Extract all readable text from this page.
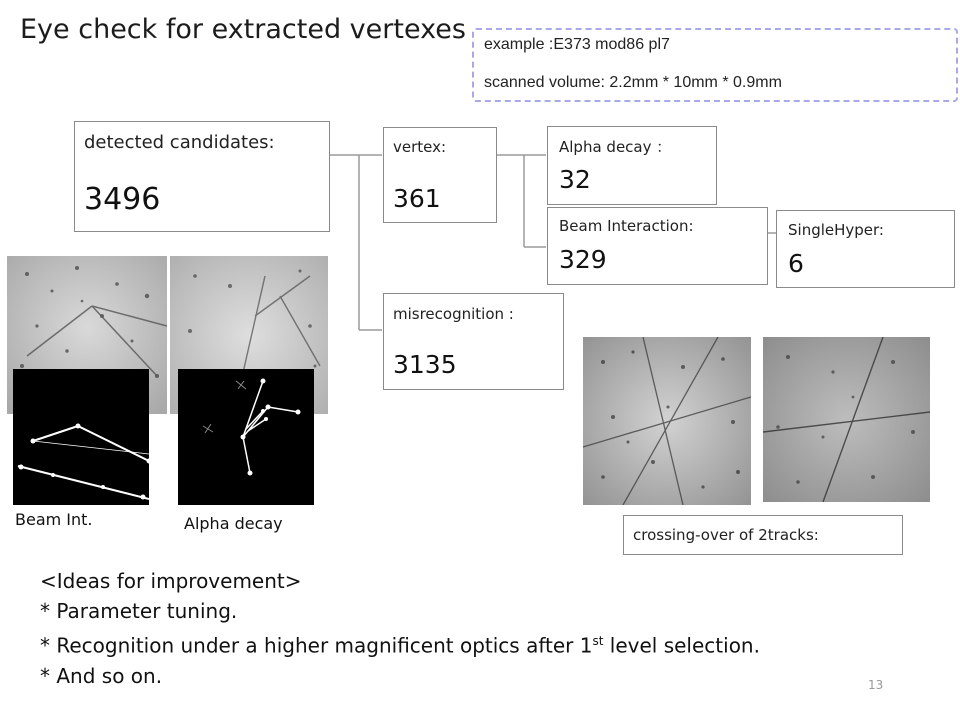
Eye check for extracted vertexes example :E373 mod86 pl7
scanned volume: 2.2mm * 10mm * 0.9mm
detected candidates:
3496
vertex:
361
misrecognition :
3135
Alpha decay ：
32
Beam Interaction:
329
SingleHyper:
6
Beam Int.	Alpha decay
crossing-over of 2tracks:
<Ideas for improvement>
* Parameter tuning.
* Recognition under a higher magnificent optics after 1st level selection.
* And so on.	13
